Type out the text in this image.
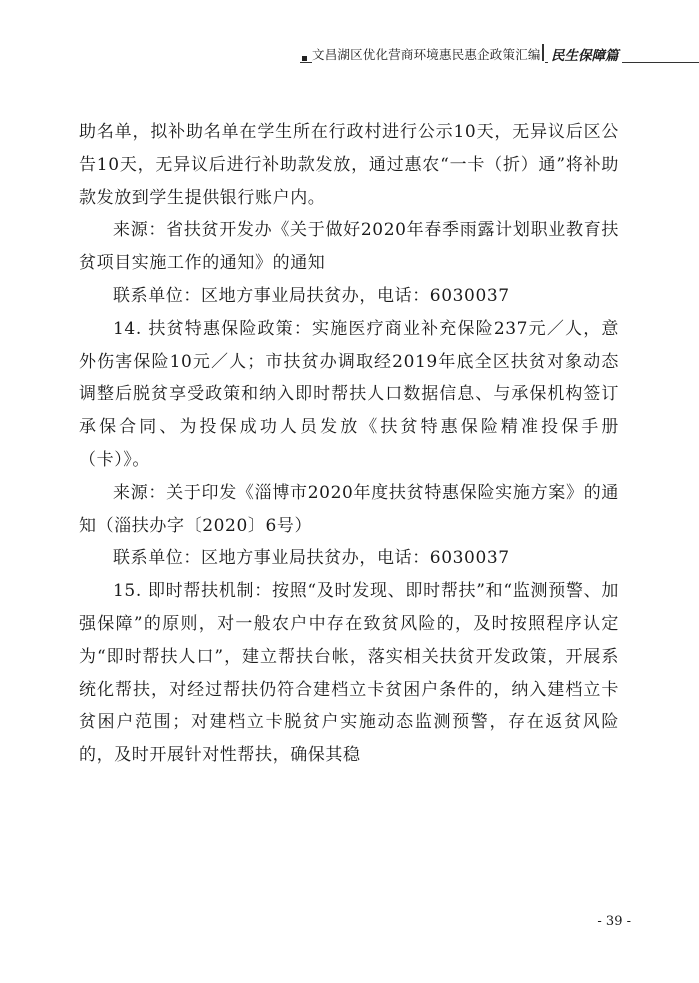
文昌湖区优化营商环境惠民惠企政策汇编 民生保障篇

助名单，拟补助名单在学生所在行政村进行公示10天，无异议后区公告10天，无异议后进行补助款发放，通过惠农“一卡（折）通”将补助款发放到学生提供银行账户内。

来源：省扶贫开发办《关于做好2020年春季雨露计划职业教育扶贫项目实施工作的通知》的通知

联系单位：区地方事业局扶贫办，电话：6030037

14. 扶贫特惠保险政策：实施医疗商业补充保险237元／人，意外伤害保险10元／人；市扶贫办调取经2019年底全区扶贫对象动态调整后脱贫享受政策和纳入即时帮扶人口数据信息、与承保机构签订承保合同、为投保成功人员发放《扶贫特惠保险精准投保手册（卡）》。

来源：关于印发《淄博市2020年度扶贫特惠保险实施方案》的通知（淄扶办字〔2020〕6号）

联系单位：区地方事业局扶贫办，电话：6030037

15. 即时帮扶机制：按照“及时发现、即时帮扶”和“监测预警、加强保障”的原则，对一般农户中存在致贫风险的，及时按照程序认定为“即时帮扶人口”，建立帮扶台帐，落实相关扶贫开发政策，开展系统化帮扶，对经过帮扶仍符合建档立卡贫困户条件的，纳入建档立卡贫困户范围；对建档立卡脱贫户实施动态监测预警，存在返贫风险的，及时开展针对性帮扶，确保其稳

- 39 -
